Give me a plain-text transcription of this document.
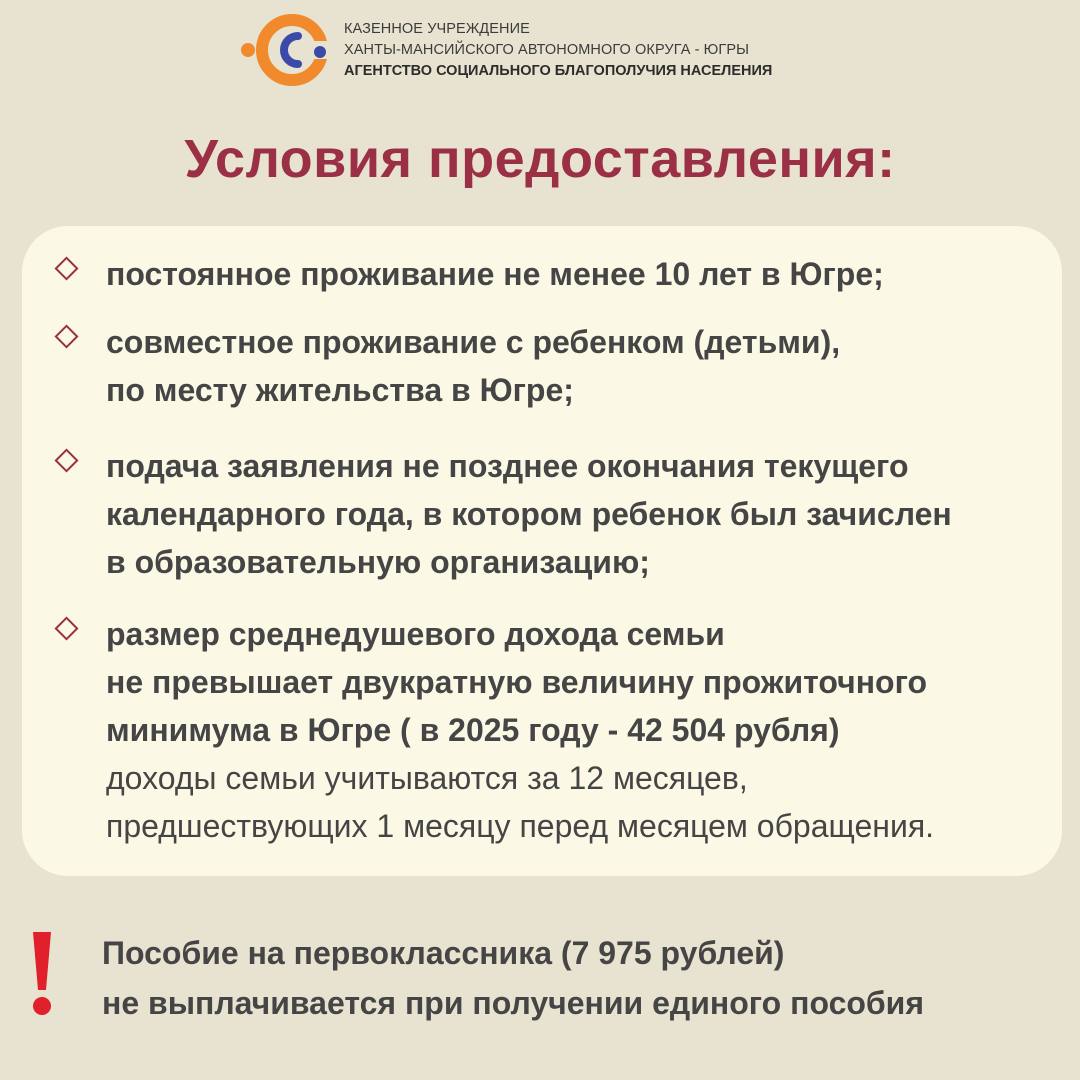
КАЗЕННОЕ УЧРЕЖДЕНИЕ
ХАНТЫ-МАНСИЙСКОГО АВТОНОМНОГО ОКРУГА - ЮГРЫ
АГЕНТСТВО СОЦИАЛЬНОГО БЛАГОПОЛУЧИЯ НАСЕЛЕНИЯ
Условия предоставления:
постоянное проживание не менее 10 лет в Югре;
совместное проживание с ребенком (детьми),
по месту жительства в Югре;
подача заявления не позднее окончания текущего
календарного года, в котором ребенок был зачислен
в образовательную организацию;
размер среднедушевого дохода семьи
не превышает двукратную величину прожиточного
минимума в Югре ( в 2025 году - 42 504 рубля)
доходы семьи учитываются за 12 месяцев,
предшествующих 1 месяцу перед месяцем обращения.
Пособие на первоклассника (7 975 рублей)
не выплачивается при получении единого пособия
